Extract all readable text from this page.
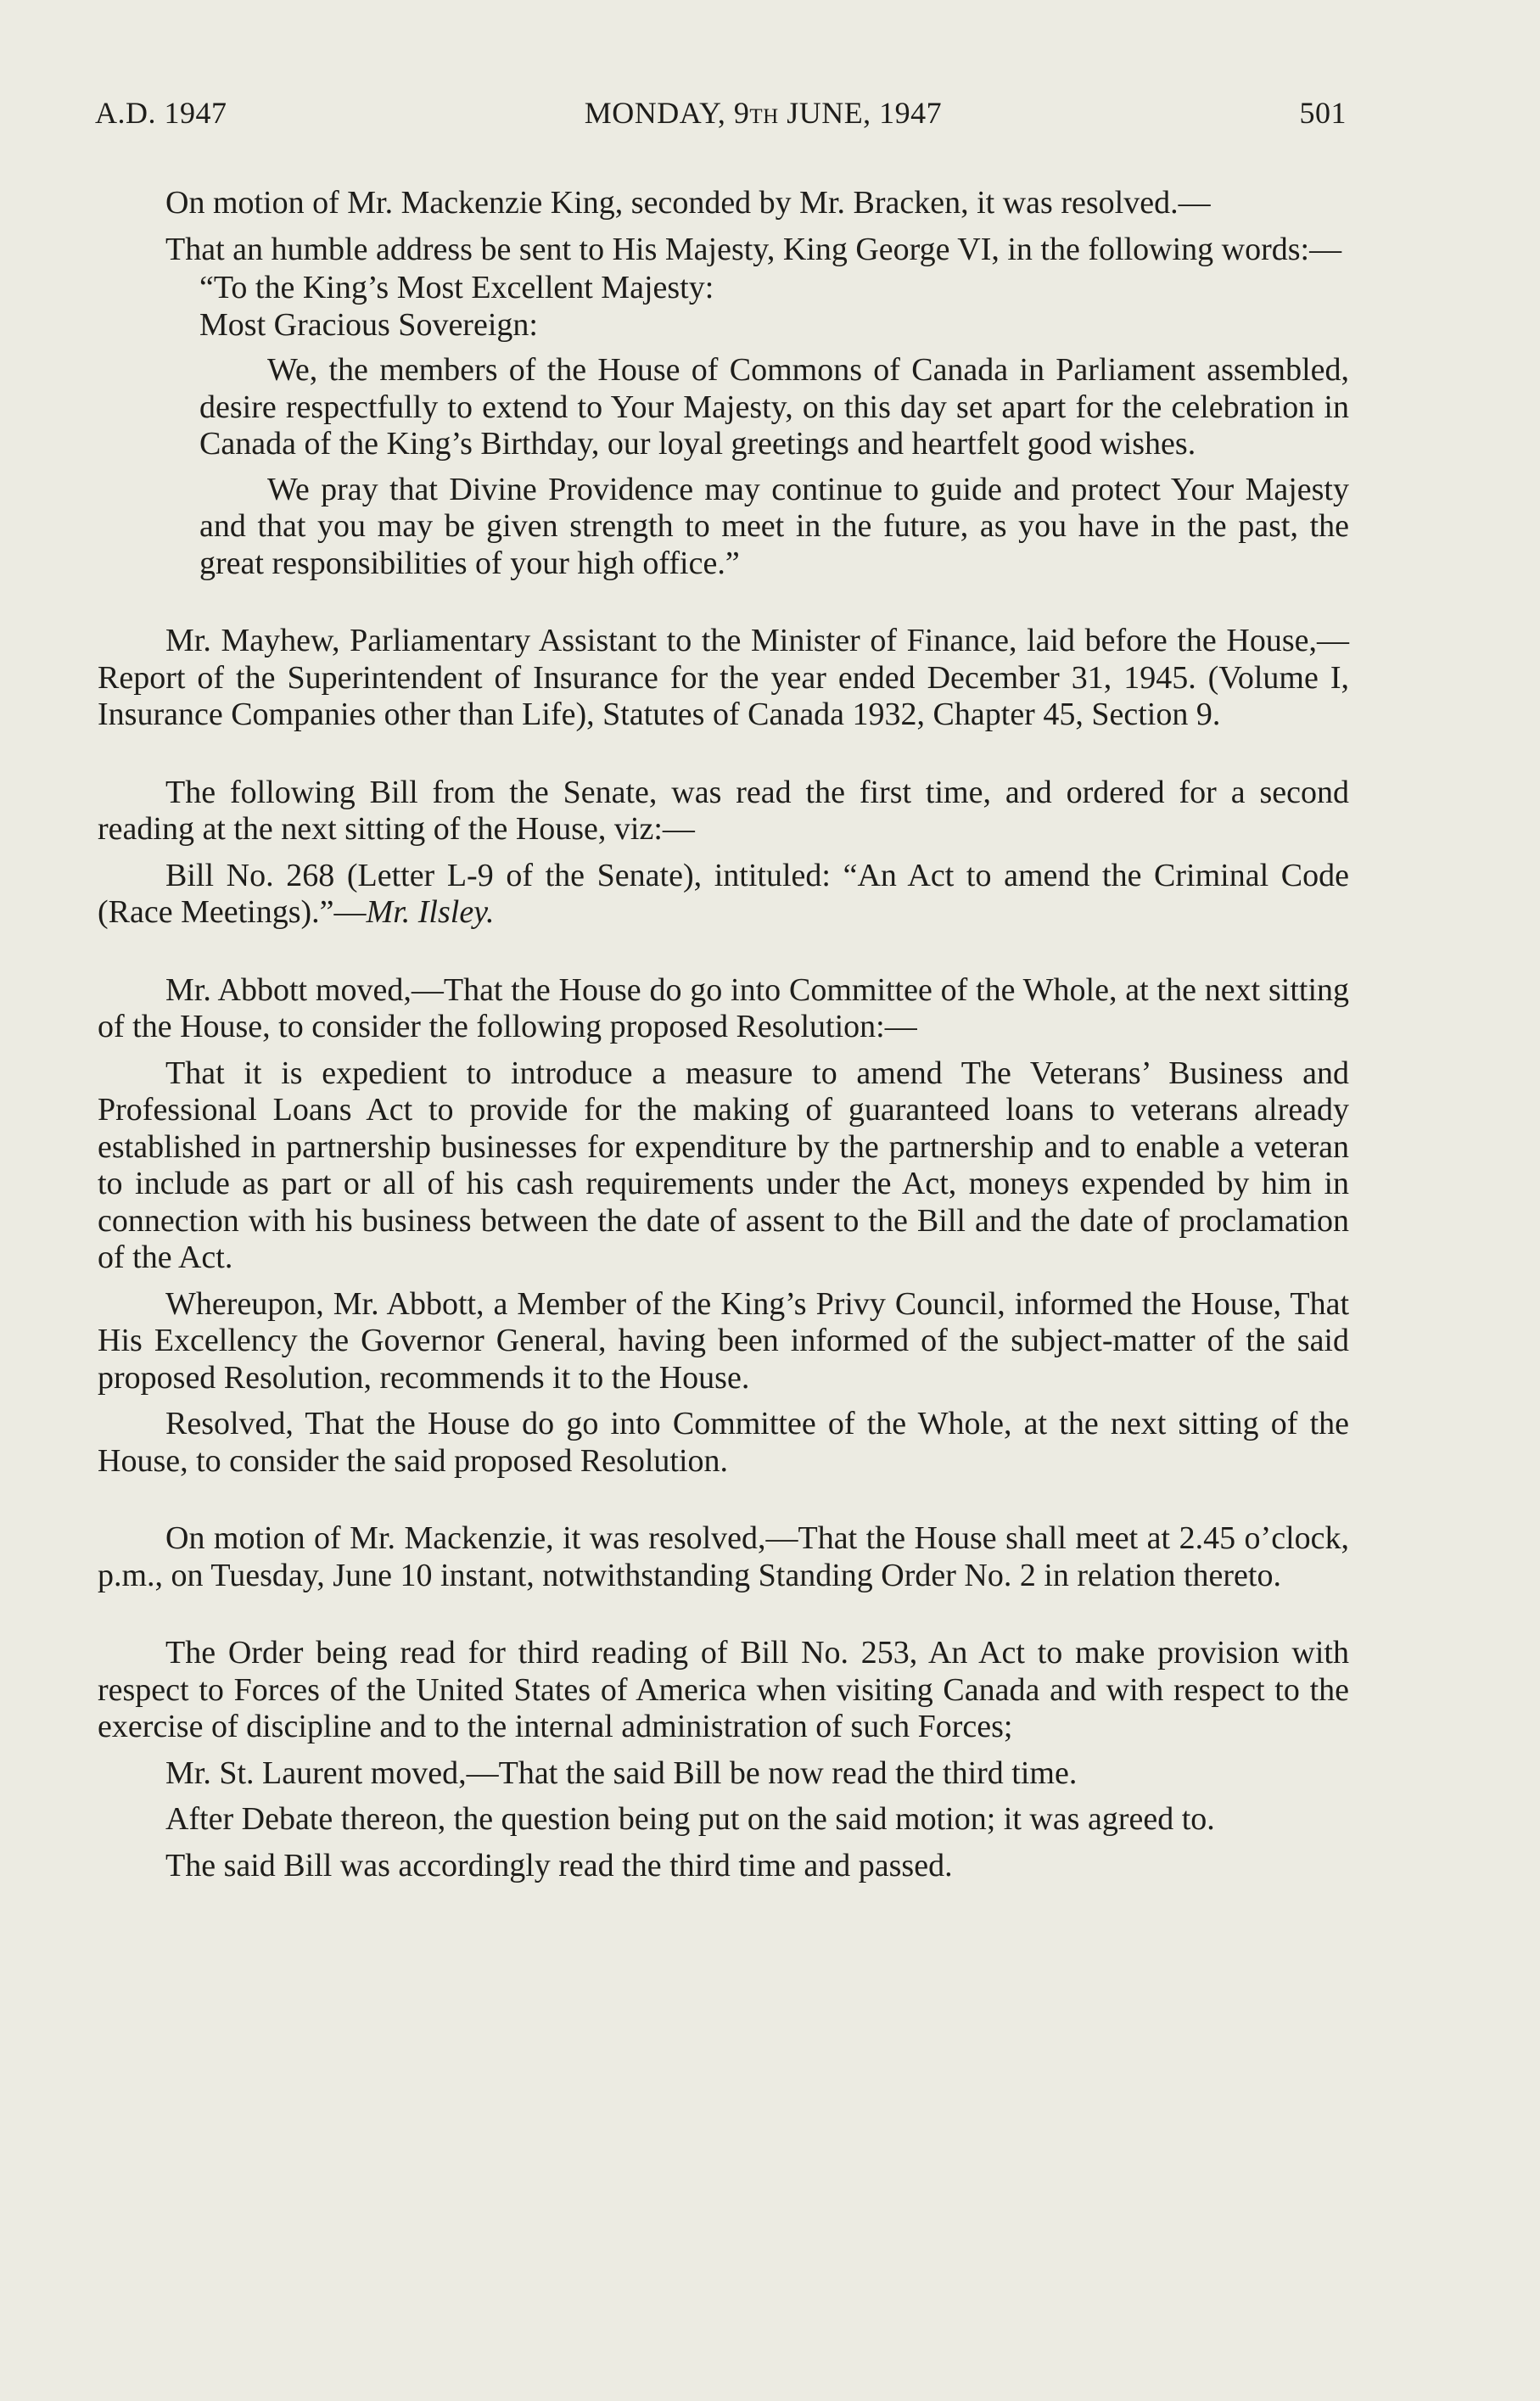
A.D. 1947	MONDAY, 9th JUNE, 1947	501

On motion of Mr. Mackenzie King, seconded by Mr. Bracken, it was resolved.—

That an humble address be sent to His Majesty, King George VI, in the following words:—

“To the King’s Most Excellent Majesty:

Most Gracious Sovereign:

We, the members of the House of Commons of Canada in Parliament assembled, desire respectfully to extend to Your Majesty, on this day set apart for the celebration in Canada of the King’s Birthday, our loyal greetings and heartfelt good wishes.

We pray that Divine Providence may continue to guide and protect Your Majesty and that you may be given strength to meet in the future, as you have in the past, the great responsibilities of your high office.”

Mr. Mayhew, Parliamentary Assistant to the Minister of Finance, laid before the House,—Report of the Superintendent of Insurance for the year ended December 31, 1945. (Volume I, Insurance Companies other than Life), Statutes of Canada 1932, Chapter 45, Section 9.

The following Bill from the Senate, was read the first time, and ordered for a second reading at the next sitting of the House, viz:—

Bill No. 268 (Letter L-9 of the Senate), intituled: “An Act to amend the Criminal Code (Race Meetings).”—Mr. Ilsley.

Mr. Abbott moved,—That the House do go into Committee of the Whole, at the next sitting of the House, to consider the following proposed Resolution:—

That it is expedient to introduce a measure to amend The Veterans’ Business and Professional Loans Act to provide for the making of guaranteed loans to veterans already established in partnership businesses for expenditure by the partnership and to enable a veteran to include as part or all of his cash requirements under the Act, moneys expended by him in connection with his business between the date of assent to the Bill and the date of proclamation of the Act.

Whereupon, Mr. Abbott, a Member of the King’s Privy Council, informed the House, That His Excellency the Governor General, having been informed of the subject-matter of the said proposed Resolution, recommends it to the House.

Resolved, That the House do go into Committee of the Whole, at the next sitting of the House, to consider the said proposed Resolution.

On motion of Mr. Mackenzie, it was resolved,—That the House shall meet at 2.45 o’clock, p.m., on Tuesday, June 10 instant, notwithstanding Standing Order No. 2 in relation thereto.

The Order being read for third reading of Bill No. 253, An Act to make provision with respect to Forces of the United States of America when visiting Canada and with respect to the exercise of discipline and to the internal administration of such Forces;

Mr. St. Laurent moved,—That the said Bill be now read the third time.

After Debate thereon, the question being put on the said motion; it was agreed to.

The said Bill was accordingly read the third time and passed.
